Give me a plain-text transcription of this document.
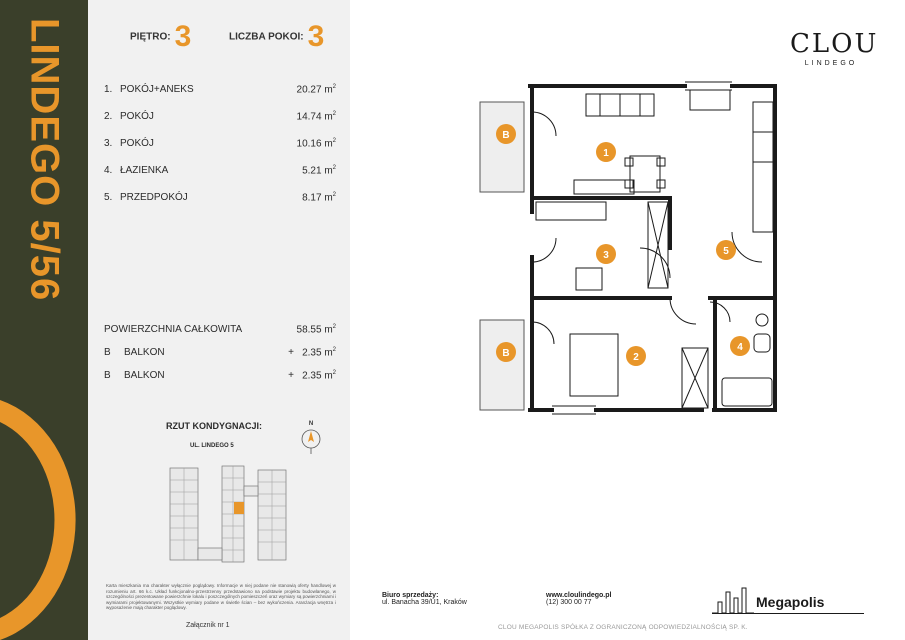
LINDEGO 5/56	PIĘTRO: 3	LICZBA POKOI: 3
1. POKÓJ+ANEKS	20.27 $m^2$
2. POKÓJ	14.74 $m^2$
3. POKÓJ	10.16 $m^2$
4. ŁAZIENKA	5.21 $m^2$
5. PRZEDPOKÓJ	8.17 $m^2$
POWIERZCHNIA CAŁKOWITA	58.55 $m^2$
B BALKON	+ 2.35 $m^2$
B BALKON	+ 2.35 $m^2$
RZUT KONDYGNACJI:
UL. LINDEGO 5
N
Karta mieszkania ma charakter wyłącznie poglądowy. Informacje w niej podane nie stanowią oferty handlowej w rozumieniu art. 66 k.c. Układ funkcjonalno-przestrzenny przedstawiono na podstawie projektu budowlanego, w szczególności prezentowane powierzchnie lokalu i poszczególnych pomieszczeń oraz wymiary są powierzchniami i wymiarami projektowanymi. Wszystkie wymiary podane w świetle ścian – bez wykończenia. Aranżacja wnętrza i wyposażenie mają charakter poglądowy.
Załącznik nr 1
CLOU
LINDEGO
B
B
1
2
3
4
5
Biuro sprzedaży:
ul. Banacha 39/U1, Kraków
www.cloulindego.pl
(12) 300 00 77	Megapolis
CLOU MEGAPOLIS SPÓŁKA Z OGRANICZONĄ ODPOWIEDZIALNOŚCIĄ SP. K.
